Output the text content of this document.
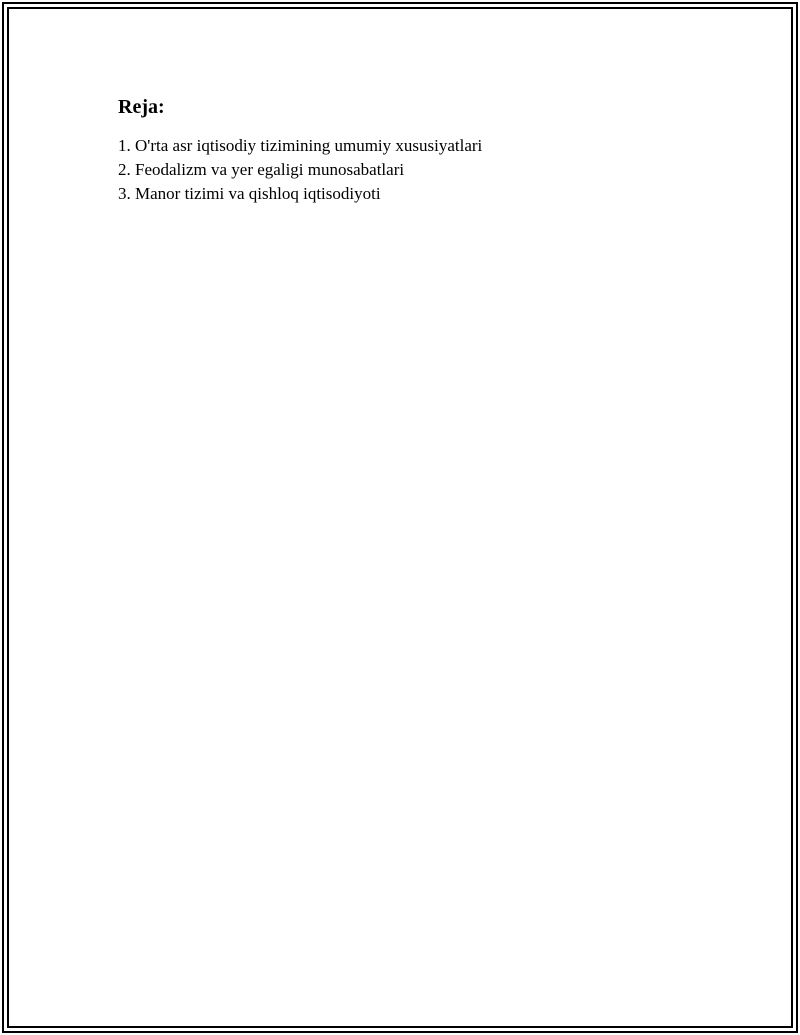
Reja:
1. O'rta asr iqtisodiy tizimining umumiy xususiyatlari
2. Feodalizm va yer egaligi munosabatlari
3. Manor tizimi va qishloq iqtisodiyoti
